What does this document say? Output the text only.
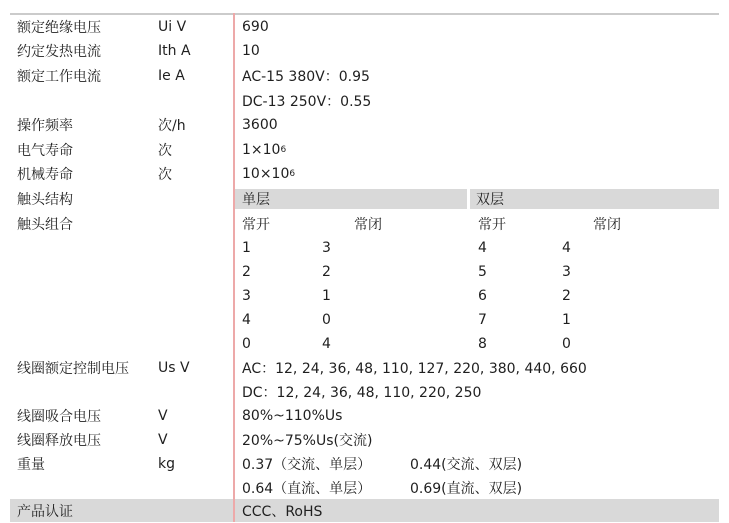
额定绝缘电压	Ui V	690
约定发热电流	Ith A	10
额定工作电流	Ie A	AC-15 380V：0.95
DC-13 250V：0.55
操作频率	次/h	3600
电气寿命	次	1×10 6
机械寿命	次	10×10 6
触头结构	单层	双层
触头组合	常开	常闭	常开	常闭
1	3	4	4
2	2	5	3
3	1	6	2
4	0	7	1
0	4	8	0
线圈额定控制电压	Us V	AC：12, 24, 36, 48, 110, 127, 220, 380, 440, 660
DC：12, 24, 36, 48, 110, 220, 250
线圈吸合电压	V	80%~110%Us
线圈释放电压	V	20%~75%Us(交流)
重量	kg	0.37（交流、单层）	0.44(交流、双层)
0.64（直流、单层）	0.69(直流、双层)
产品认证	CCC、RoHS
